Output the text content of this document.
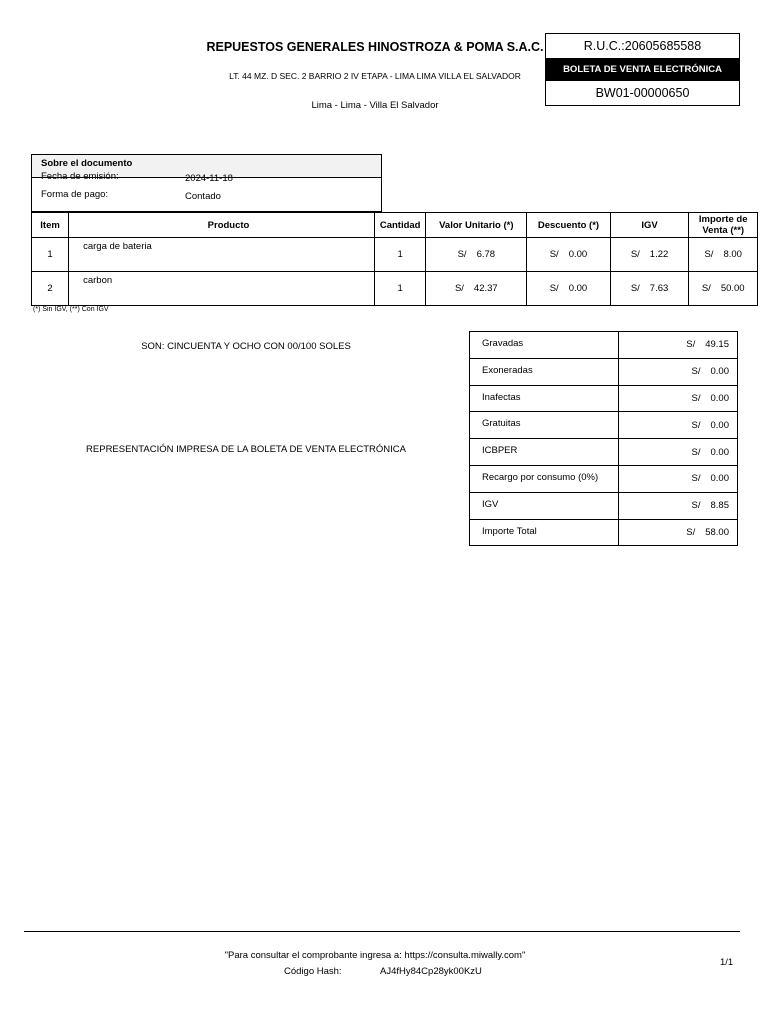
REPUESTOS GENERALES HINOSTROZA & POMA S.A.C.
LT. 44 MZ. D SEC. 2 BARRIO 2 IV ETAPA - LIMA LIMA VILLA EL SALVADOR
Lima - Lima - Villa El Salvador
R.U.C.:20605685588
BOLETA DE VENTA ELECTRÓNICA
BW01-00000650
Sobre el documento
Fecha de emisión:	2024-11-18
Forma de pago:	Contado
Item	Producto	Cantidad	Valor Unitario (*)	Descuento (*)	IGV	Importe de Venta (**)
1	carga de bateria	1	S/ 6.78	S/ 0.00	S/ 1.22	S/ 8.00

2	carbon	1	S/ 42.37	S/ 0.00	S/ 7.63	S/ 50.00
(*) Sin IGV, (**) Con IGV
SON: CINCUENTA Y OCHO CON 00/100 SOLES
REPRESENTACIÓN IMPRESA DE LA BOLETA DE VENTA ELECTRÓNICA
Gravadas	S/ 49.15

Exoneradas	S/ 0.00

Inafectas	S/ 0.00

Gratuitas	S/ 0.00

ICBPER	S/ 0.00

Recargo por consumo (0%)	S/ 0.00

IGV	S/ 8.85

Importe Total	S/ 58.00
"Para consultar el comprobante ingresa a: https://consulta.miwally.com"
Código Hash:	AJ4fHy84Cp28yk00KzU
1/1
